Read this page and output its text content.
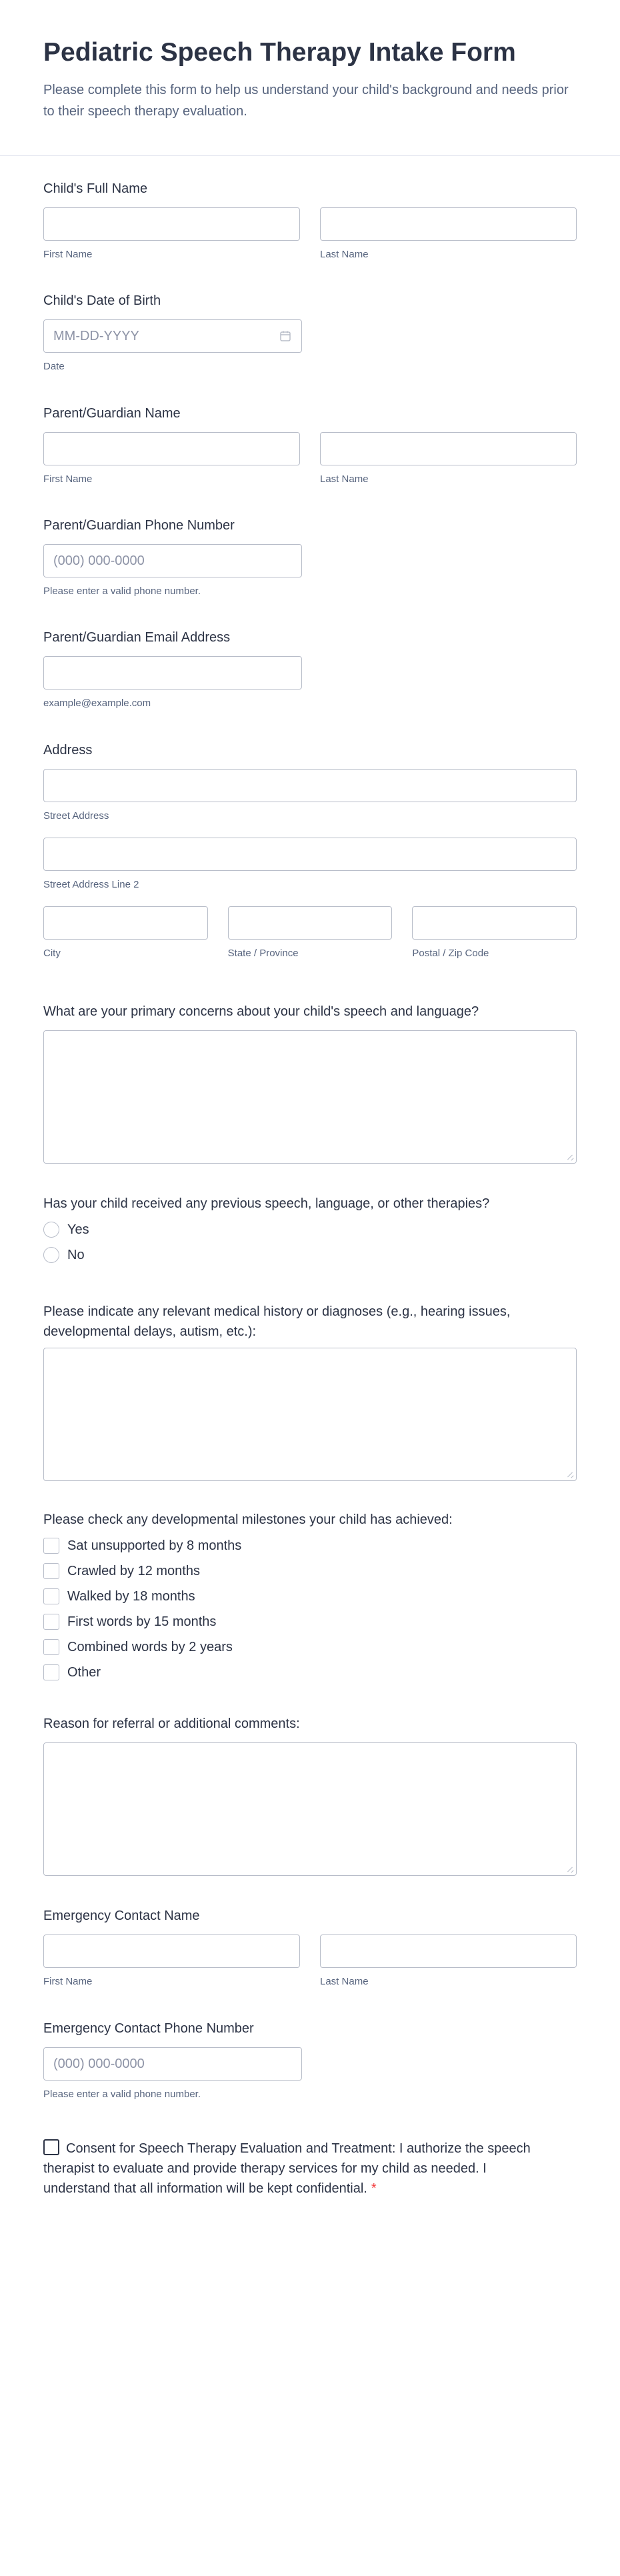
Pediatric Speech Therapy Intake Form

Please complete this form to help us understand your child's background and needs prior to their speech therapy evaluation.

Child's Full Name
First Name	Last Name
Child's Date of Birth
MM-DD-YYYY
Date
Parent/Guardian Name
First Name	Last Name
Parent/Guardian Phone Number
(000) 000-0000
Please enter a valid phone number.
Parent/Guardian Email Address
example@example.com
Address
Street Address
Street Address Line 2
City	State / Province	Postal / Zip Code
What are your primary concerns about your child's speech and language?
Has your child received any previous speech, language, or other therapies?
Yes
No
Please indicate any relevant medical history or diagnoses (e.g., hearing issues, developmental delays, autism, etc.):
Please check any developmental milestones your child has achieved:
Sat unsupported by 8 months
Crawled by 12 months
Walked by 18 months
First words by 15 months
Combined words by 2 years
Other
Reason for referral or additional comments:
Emergency Contact Name
First Name	Last Name
Emergency Contact Phone Number
(000) 000-0000
Please enter a valid phone number.
Consent for Speech Therapy Evaluation and Treatment: I authorize the speech therapist to evaluate and provide therapy services for my child as needed. I understand that all information will be kept confidential. *
